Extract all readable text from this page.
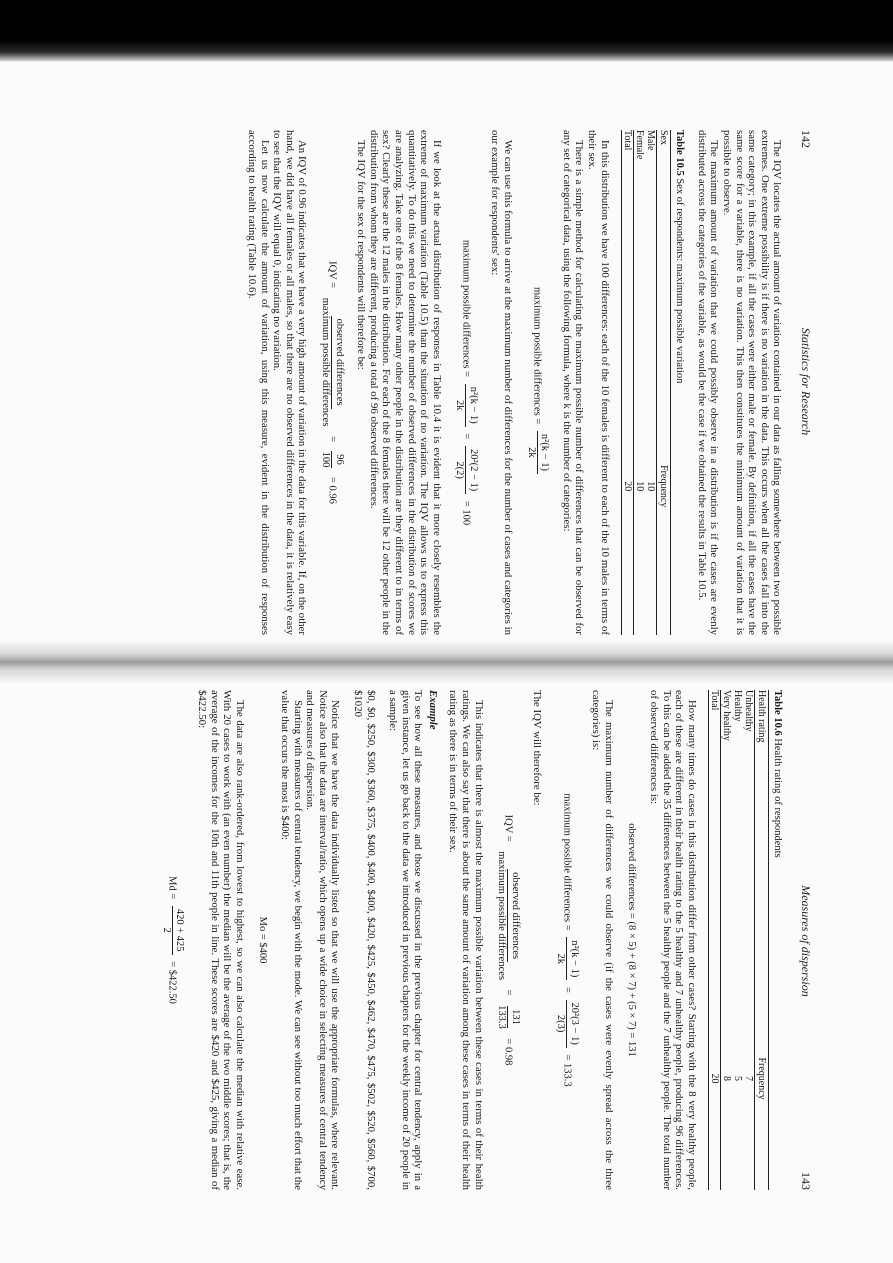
142
Statistics for Research

The IQV locates the actual amount of variation contained in our data as falling somewhere between two possible extremes. One extreme possibility is if there is no variation in the data. This occurs when all the cases fall into the same category; in this example, if all the cases were either male or female. By definition, if all the cases have the same score for a variable, there is no variation. This then constitutes the minimum amount of variation that it is possible to observe.

The maximum amount of variation that we could possibly observe in a distribution is if the cases are evenly distributed across the categories of the variable, as would be the case if we obtained the results in Table 10.5.

Table 10.5 Sex of respondents: maximum possible variation
Sex	Frequency
Male	10
Female	10
Total	20

In this distribution we have 100 differences: each of the 10 females is different to each of the 10 males in terms of their sex.

There is a simple method for calculating the maximum possible number of differences that can be observed for any set of categorical data, using the following formula, where k is the number of categories:

maximum possible differences =
n²(k − 1)
2k

We can use this formula to arrive at the maximum number of differences for the number of cases and categories in our example for respondents' sex:

maximum possible differences =
n²(k − 1)
2k
=
20²(2 − 1)
2(2)
= 100

If we look at the actual distribution of responses in Table 10.4 it is evident that it more closely resembles the extreme of maximum variation (Table 10.5) than the situation of no variation. The IQV allows us to express this quantitatively. To do this we need to determine the number of observed differences in the distribution of scores we are analyzing. Take one of the 8 females. How many other people in the distribution are they different to in terms of sex? Clearly these are the 12 males in the distribution. For each of the 8 females there will be 12 other people in the distribution from whom they are different, producing a total of 96 observed differences.

The IQV for the sex of respondents will therefore be:

IQV =
observed differences
maximum possible differences
=
96
100
= 0.96

An IQV of 0.96 indicates that we have a very high amount of variation in the data for this variable. If, on the other hand, we did have all females or all males, so that there are no observed differences in the data, it is relatively easy to see that the IQV will equal 0, indicating no variation.

Let us now calculate the amount of variation, using this measure, evident in the distribution of responses according to health rating (Table 10.6).

Measures of dispersion
143
Table 10.6 Health rating of respondents
Health rating	Frequency
Unhealthy	7
Healthy	5
Very healthy	8
Total	20

How many times do cases in this distribution differ from other cases? Starting with the 8 very healthy people, each of these are different in their health rating to the 5 healthy and 7 unhealthy people, producing 96 differences. To this can be added the 35 differences between the 5 healthy people and the 7 unhealthy people. The total number of observed differences is:

observed differences = (8 × 5) + (8 × 7) + (5 × 7) = 131

The maximum number of differences we could observe (if the cases were evenly spread across the three categories) is:

maximum possible differences =
n²(k − 1)
2k
=
20²(3 − 1)
2(3)
= 133.3

The IQV will therefore be:

IQV =
observed differences
maximum possible differences
=
131
133.3
= 0.98

This indicates that there is almost the maximum possible variation between these cases in terms of their health ratings. We can also say that there is about the same amount of variation among these cases in terms of their health rating as there is in terms of their sex.

Example

To see how all these measures, and those we discussed in the previous chapter for central tendency, apply in a given instance, let us go back to the data we introduced in previous chapters for the weekly income of 20 people in a sample:

$0, $0, $250, $300, $360, $375, $400, $400, $400, $420, $425, $450, $462, $470, $475, $502, $520, $560, $700, $1020

Notice that we have the data individually listed so that we will use the appropriate formulas, where relevant. Notice also that the data are interval/ratio, which opens up a wide choice in selecting measures of central tendency and measures of dispersion.

Starting with measures of central tendency, we begin with the mode. We can see without too much effort that the value that occurs the most is $400:

Mo = $400

The data are also rank-ordered, from lowest to highest, so we can also calculate the median with relative ease. With 20 cases to work with (an even number) the median will be the average of the two middle scores; that is, the average of the incomes for the 10th and 11th people in line. These scores are $420 and $425, giving a median of $422.50:

Md =
420 + 425
2
= $422.50
